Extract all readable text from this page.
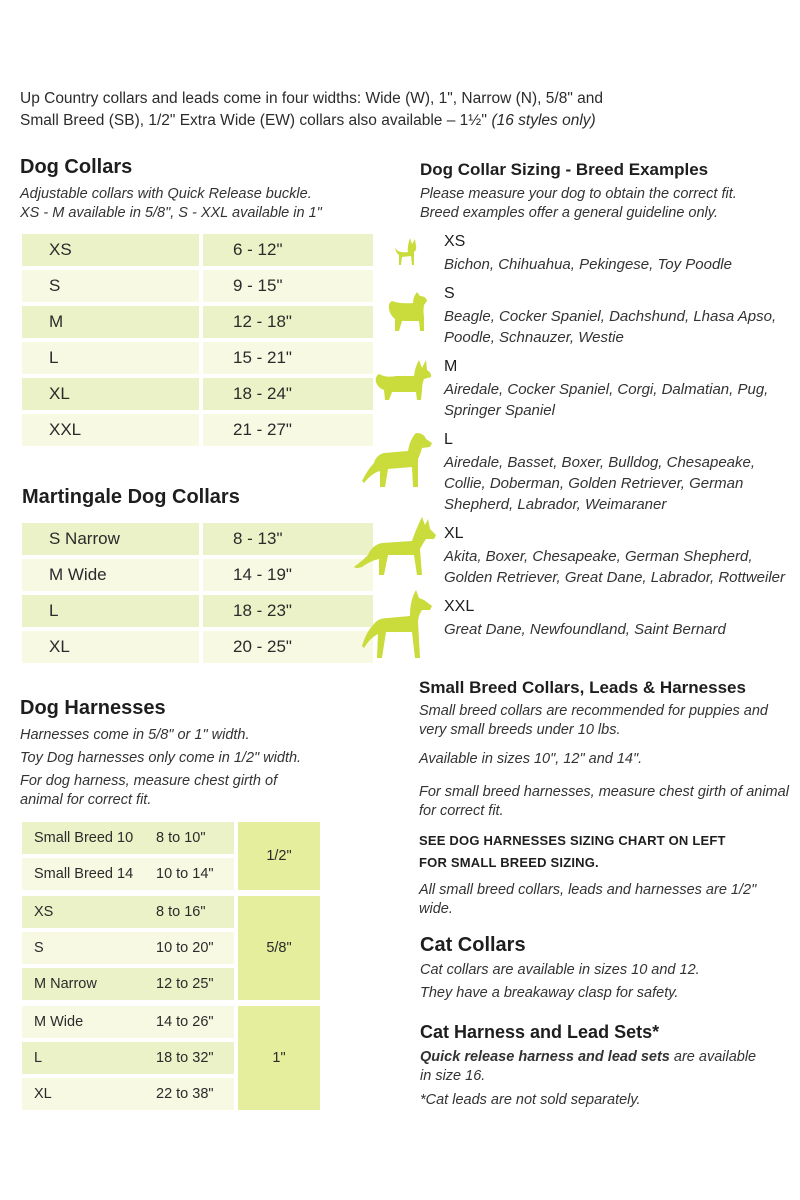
Up Country collars and leads come in four widths: Wide (W), 1", Narrow (N), 5/8" and
Small Breed (SB), 1/2" Extra Wide (EW) collars also available – 1½'' (16 styles only)
Dog Collars
Adjustable collars with Quick Release buckle.
XS - M available in 5/8", S - XXL available in 1"
XS	6 - 12"
S	9 - 15"
M	12 - 18"
L	15 - 21"
XL	18 - 24"
XXL	21 - 27"
Martingale Dog Collars
S Narrow	8 - 13"
M Wide	14 - 19"
L	18 - 23"
XL	20 - 25"
Dog Harnesses

Harnesses come in 5/8" or 1" width.

Toy Dog harnesses only come in 1/2" width.

For dog harness, measure chest girth of animal for correct fit.

Small Breed 10	8 to 10"	1/2"
Small Breed 14	10 to 14"	
XS	8 to 16"	5/8"
S	10 to 20"	
M Narrow	12 to 25"	
M Wide	14 to 26"	1"
L	18 to 32"	
XL	22 to 38"	
Dog Collar Sizing - Breed Examples
Please measure your dog to obtain the correct fit.
Breed examples offer a general guideline only.
XS
Bichon, Chihuahua, Pekingese, Toy Poodle
S
Beagle, Cocker Spaniel, Dachshund, Lhasa Apso, Poodle, Schnauzer, Westie
M
Airedale, Cocker Spaniel, Corgi, Dalmatian, Pug, Springer Spaniel
L
Airedale, Basset, Boxer, Bulldog, Chesapeake, Collie, Doberman, Golden Retriever, German Shepherd, Labrador, Weimaraner
XL
Akita, Boxer, Chesapeake, German Shepherd, Golden Retriever, Great Dane, Labrador, Rottweiler
XXL
Great Dane, Newfoundland, Saint Bernard
Small Breed Collars, Leads & Harnesses

Small breed collars are recommended for puppies and very small breeds under 10 lbs.

Available in sizes 10", 12" and 14".

For small breed harnesses, measure chest girth of animal for correct fit.

SEE DOG HARNESSES SIZING CHART ON LEFT
FOR SMALL BREED SIZING.
All small breed collars, leads and harnesses are 1/2" wide.
Cat Collars

Cat collars are available in sizes 10 and 12.

They have a breakaway clasp for safety.

Cat Harness and Lead Sets*
Quick release harness and lead sets are available in size 16.
*Cat leads are not sold separately.
